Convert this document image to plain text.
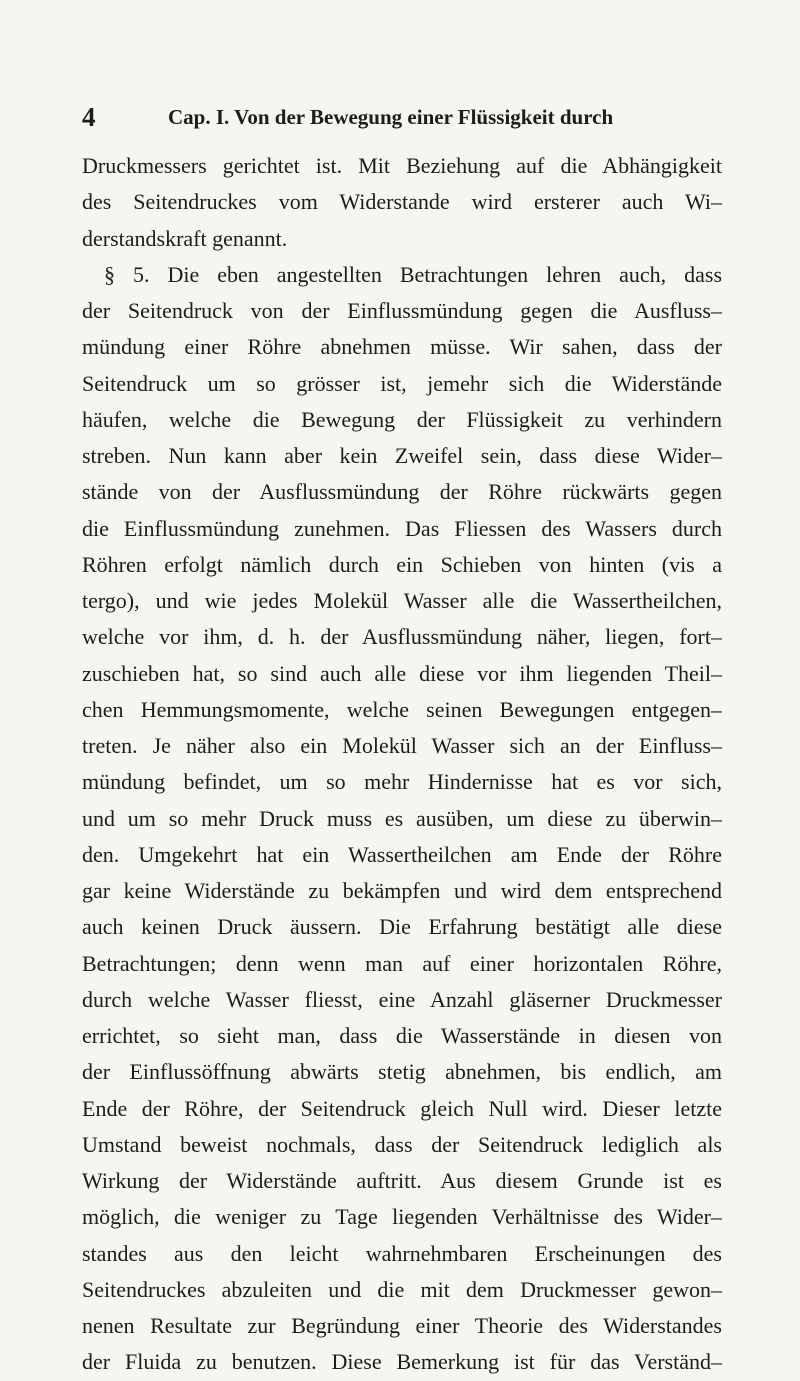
4	Cap. I. Von der Bewegung einer Flüssigkeit durch
Druckmessers gerichtet ist. Mit Beziehung auf die Abhängigkeit
des Seitendruckes vom Widerstande wird ersterer auch Wi–
derstandskraft genannt.
§ 5. Die eben angestellten Betrachtungen lehren auch, dass
der Seitendruck von der Einflussmündung gegen die Ausfluss–
mündung einer Röhre abnehmen müsse. Wir sahen, dass der
Seitendruck um so grösser ist, jemehr sich die Widerstände
häufen, welche die Bewegung der Flüssigkeit zu verhindern
streben. Nun kann aber kein Zweifel sein, dass diese Wider–
stände von der Ausflussmündung der Röhre rückwärts gegen
die Einflussmündung zunehmen. Das Fliessen des Wassers durch
Röhren erfolgt nämlich durch ein Schieben von hinten (vis a
tergo), und wie jedes Molekül Wasser alle die Wassertheilchen,
welche vor ihm, d. h. der Ausflussmündung näher, liegen, fort–
zuschieben hat, so sind auch alle diese vor ihm liegenden Theil–
chen Hemmungsmomente, welche seinen Bewegungen entgegen–
treten. Je näher also ein Molekül Wasser sich an der Einfluss–
mündung befindet, um so mehr Hindernisse hat es vor sich,
und um so mehr Druck muss es ausüben, um diese zu überwin–
den. Umgekehrt hat ein Wassertheilchen am Ende der Röhre
gar keine Widerstände zu bekämpfen und wird dem entsprechend
auch keinen Druck äussern. Die Erfahrung bestätigt alle diese
Betrachtungen; denn wenn man auf einer horizontalen Röhre,
durch welche Wasser fliesst, eine Anzahl gläserner Druckmesser
errichtet, so sieht man, dass die Wasserstände in diesen von
der Einflussöffnung abwärts stetig abnehmen, bis endlich, am
Ende der Röhre, der Seitendruck gleich Null wird. Dieser letzte
Umstand beweist nochmals, dass der Seitendruck lediglich als
Wirkung der Widerstände auftritt. Aus diesem Grunde ist es
möglich, die weniger zu Tage liegenden Verhältnisse des Wider–
standes aus den leicht wahrnehmbaren Erscheinungen des
Seitendruckes abzuleiten und die mit dem Druckmesser gewon–
nenen Resultate zur Begründung einer Theorie des Widerstandes
der Fluida zu benutzen. Diese Bemerkung ist für das Verständ–
